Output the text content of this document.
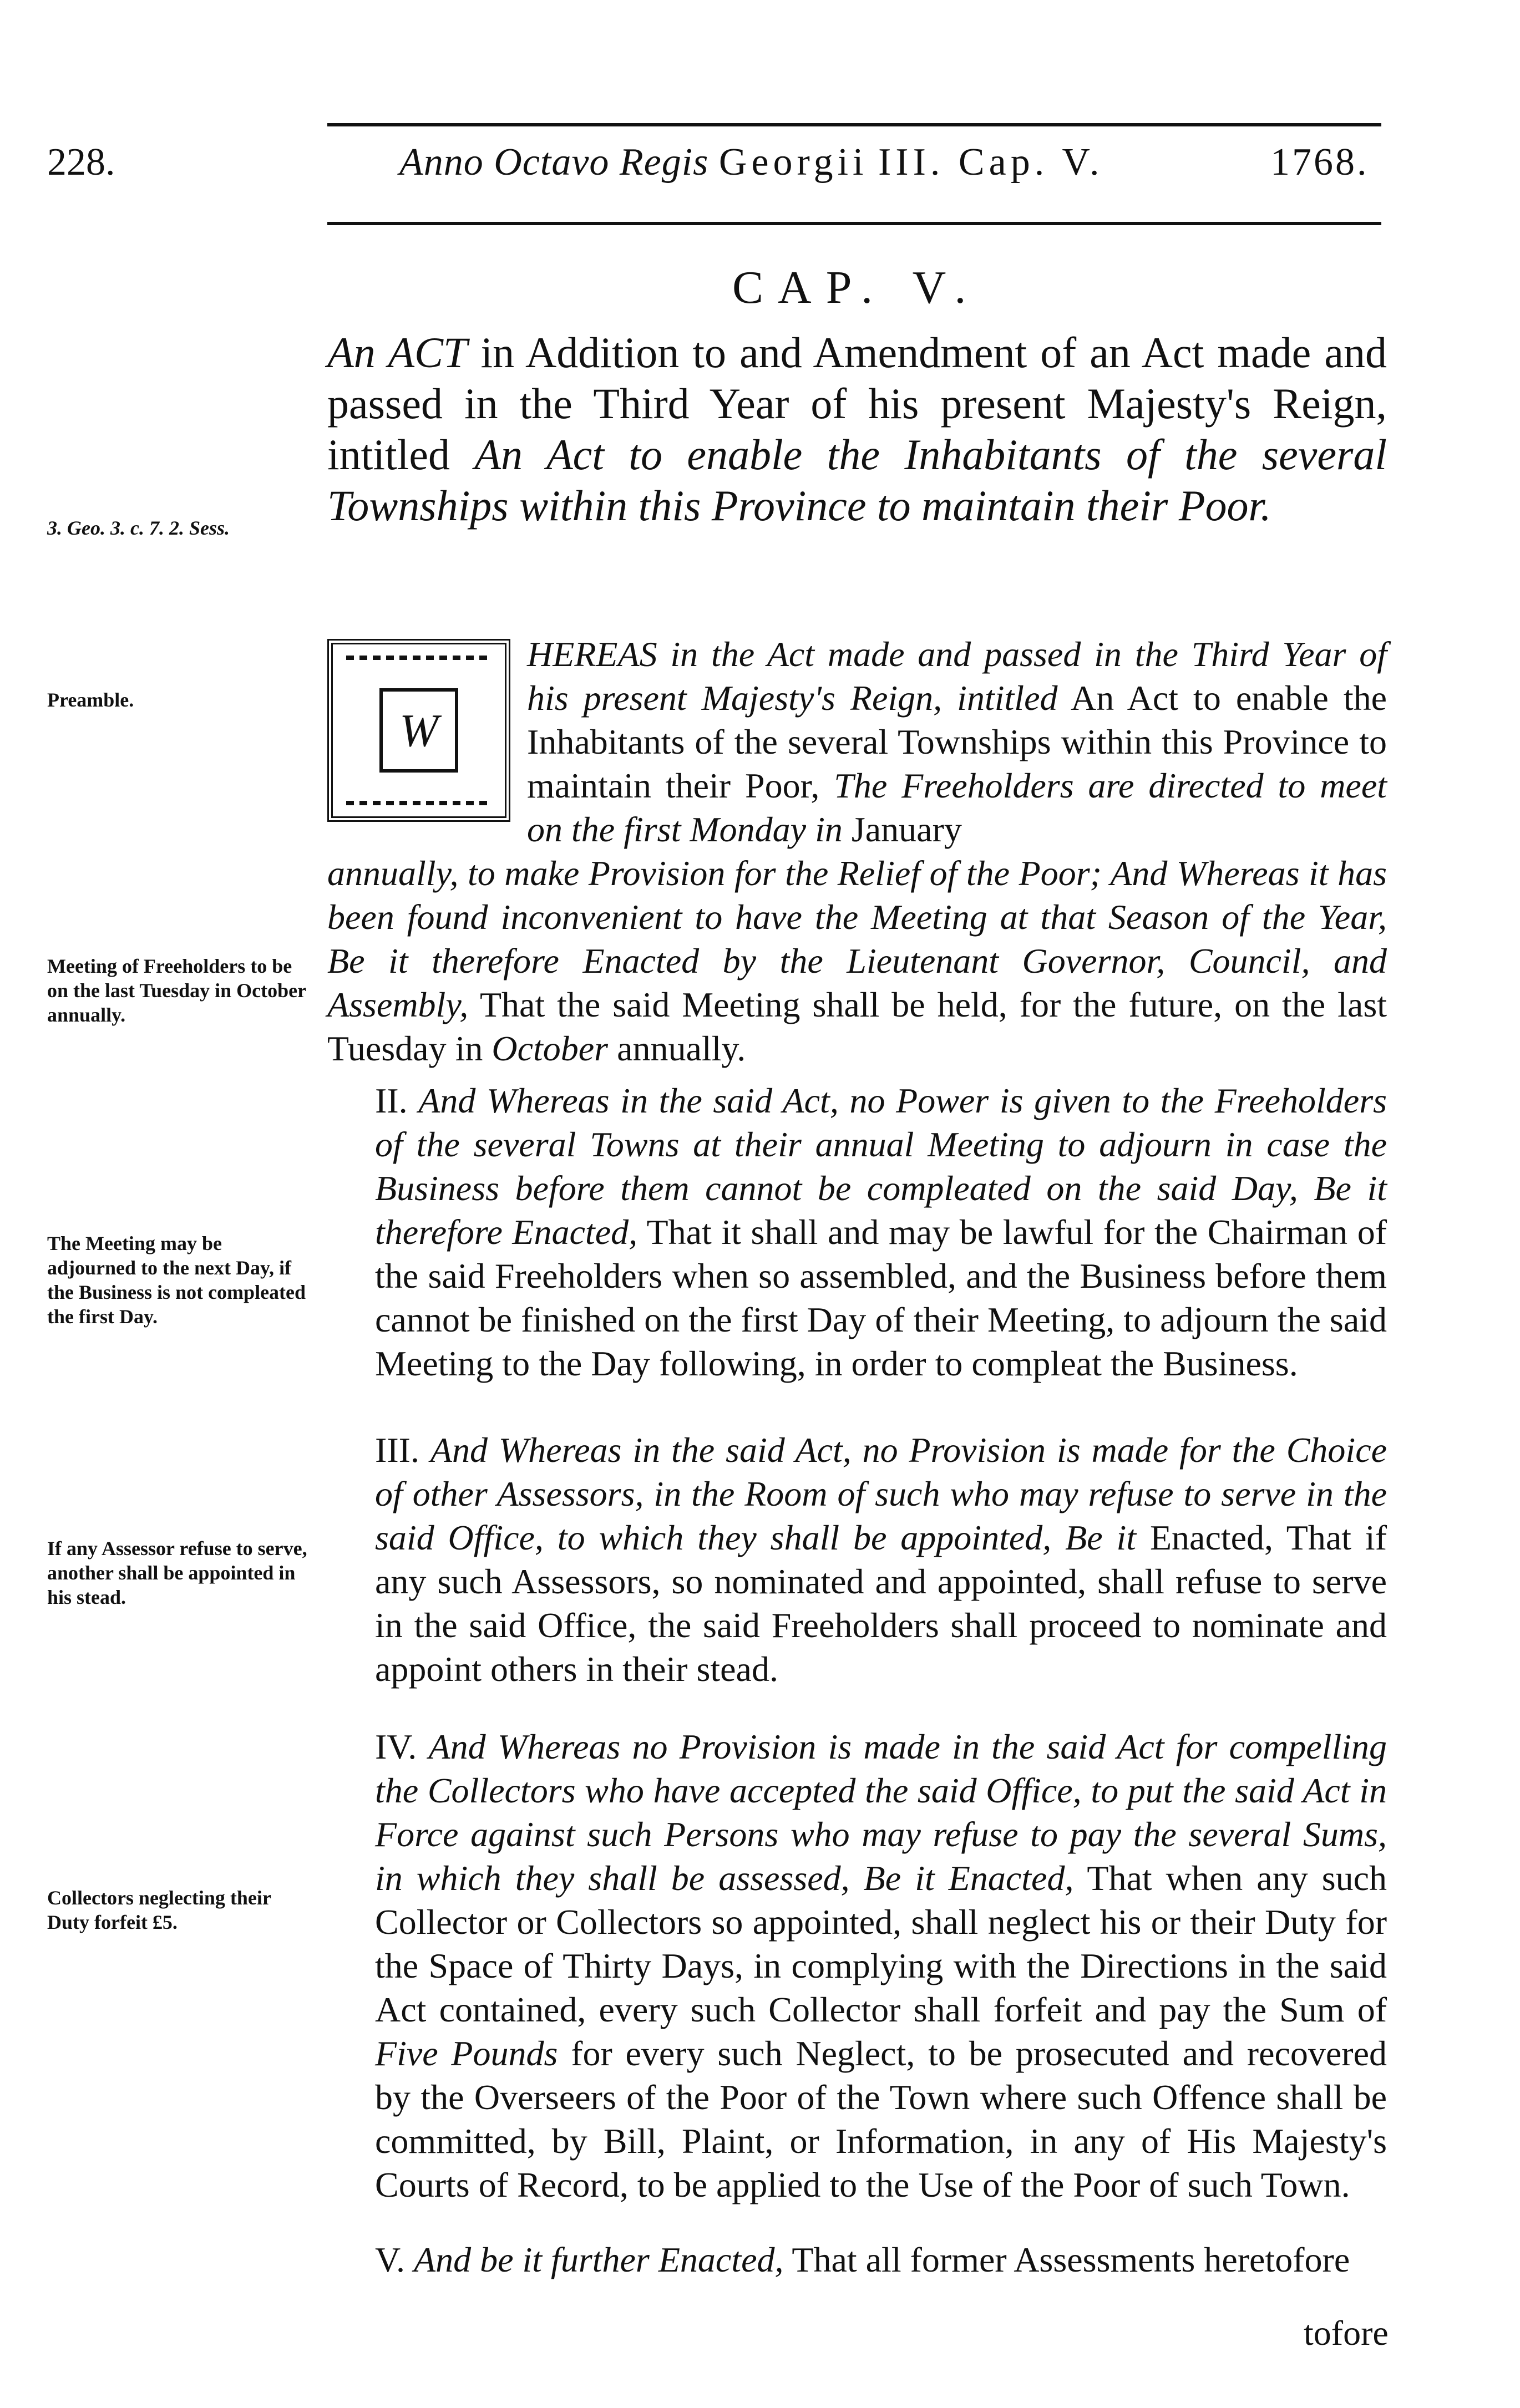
228.	Anno Octavo Regis Georgii III. Cap. V.	1768.
CAP. V.
An ACT in Addition to and Amendment of an Act made and passed in the Third Year of his present Majesty's Reign, intitled An Act to enable the Inhabitants of the several Townships within this Province to maintain their Poor.
3. Geo. 3. c. 7. 2. Sess.
Preamble.
Meeting of Freeholders to be on the last Tuesday in October annually.
The Meeting may be adjourned to the next Day, if the Business is not compleated the first Day.
If any Assessor refuse to serve, another shall be appointed in his stead.
Collectors neglecting their Duty forfeit £5.
W
HEREAS in the Act made and passed in the Third Year of his present Majesty's Reign, intitled An Act to enable the Inhabitants of the several Townships within this Province to maintain their Poor, The Freeholders are directed to meet on the first Monday in January
annually, to make Provision for the Relief of the Poor; And Whereas it has been found inconvenient to have the Meeting at that Season of the Year, Be it therefore Enacted by the Lieutenant Governor, Council, and Assembly, That the said Meeting shall be held, for the future, on the last Tuesday in October annually.
II. And Whereas in the said Act, no Power is given to the Freeholders of the several Towns at their annual Meeting to adjourn in case the Business before them cannot be compleated on the said Day, Be it therefore Enacted, That it shall and may be lawful for the Chairman of the said Freeholders when so assembled, and the Business before them cannot be finished on the first Day of their Meeting, to adjourn the said Meeting to the Day following, in order to compleat the Business.
III. And Whereas in the said Act, no Provision is made for the Choice of other Assessors, in the Room of such who may refuse to serve in the said Office, to which they shall be appointed, Be it Enacted, That if any such Assessors, so nominated and appointed, shall refuse to serve in the said Office, the said Freeholders shall proceed to nominate and appoint others in their stead.
IV. And Whereas no Provision is made in the said Act for compelling the Collectors who have accepted the said Office, to put the said Act in Force against such Persons who may refuse to pay the several Sums, in which they shall be assessed, Be it Enacted, That when any such Collector or Collectors so appointed, shall neglect his or their Duty for the Space of Thirty Days, in complying with the Directions in the said Act contained, every such Collector shall forfeit and pay the Sum of Five Pounds for every such Neglect, to be prosecuted and recovered by the Overseers of the Poor of the Town where such Offence shall be committed, by Bill, Plaint, or Information, in any of His Majesty's Courts of Record, to be applied to the Use of the Poor of such Town.
V. And be it further Enacted, That all former Assessments heretofore
tofore
